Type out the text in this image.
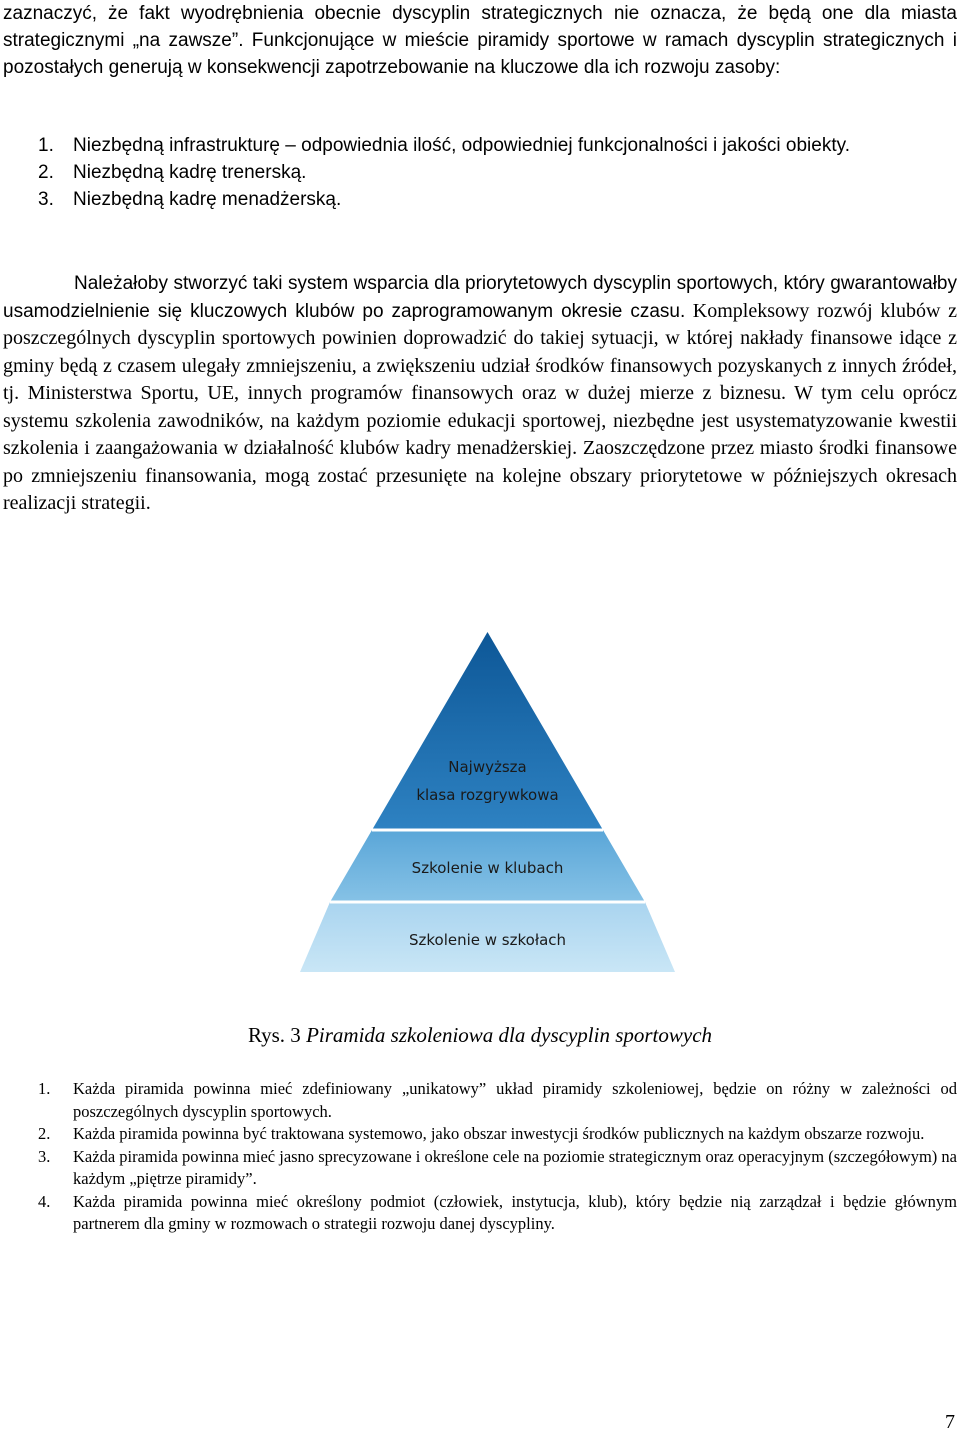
zaznaczyć, że fakt wyodrębnienia obecnie dyscyplin strategicznych nie oznacza, że będą one dla miasta strategicznymi „na zawsze”. Funkcjonujące w mieście piramidy sportowe w ramach dyscyplin strategicznych i pozostałych generują w konsekwencji zapotrzebowanie na kluczowe dla ich rozwoju zasoby:
1. Niezbędną infrastrukturę – odpowiednia ilość, odpowiedniej funkcjonalności i jakości obiekty.
2. Niezbędną kadrę trenerską.
3. Niezbędną kadrę menadżerską.
Należałoby stworzyć taki system wsparcia dla priorytetowych dyscyplin sportowych, który gwarantowałby usamodzielnienie się kluczowych klubów po zaprogramowanym okresie czasu. Kompleksowy rozwój klubów z poszczególnych dyscyplin sportowych powinien doprowadzić do takiej sytuacji, w której nakłady finansowe idące z gminy będą z czasem ulegały zmniejszeniu, a zwiększeniu udział środków finansowych pozyskanych z innych źródeł, tj. Ministerstwa Sportu, UE, innych programów finansowych oraz w dużej mierze z biznesu. W tym celu oprócz systemu szkolenia zawodników, na każdym poziomie edukacji sportowej, niezbędne jest usystematyzowanie kwestii szkolenia i zaangażowania w działalność klubów kadry menadżerskiej. Zaoszczędzone przez miasto środki finansowe po zmniejszeniu finansowania, mogą zostać przesunięte na kolejne obszary priorytetowe w późniejszych okresach realizacji strategii.
Najwyższa
klasa rozgrywkowa
Szkolenie w klubach
Szkolenie w szkołach
Rys. 3 Piramida szkoleniowa dla dyscyplin sportowych
1. Każda piramida powinna mieć zdefiniowany „unikatowy” układ piramidy szkoleniowej, będzie on różny w zależności od poszczególnych dyscyplin sportowych.
2. Każda piramida powinna być traktowana systemowo, jako obszar inwestycji środków publicznych na każdym obszarze rozwoju.
3. Każda piramida powinna mieć jasno sprecyzowane i określone cele na poziomie strategicznym oraz operacyjnym (szczegółowym) na każdym „piętrze piramidy”.
4. Każda piramida powinna mieć określony podmiot (człowiek, instytucja, klub), który będzie nią zarządzał i będzie głównym partnerem dla gminy w rozmowach o strategii rozwoju danej dyscypliny.
7
